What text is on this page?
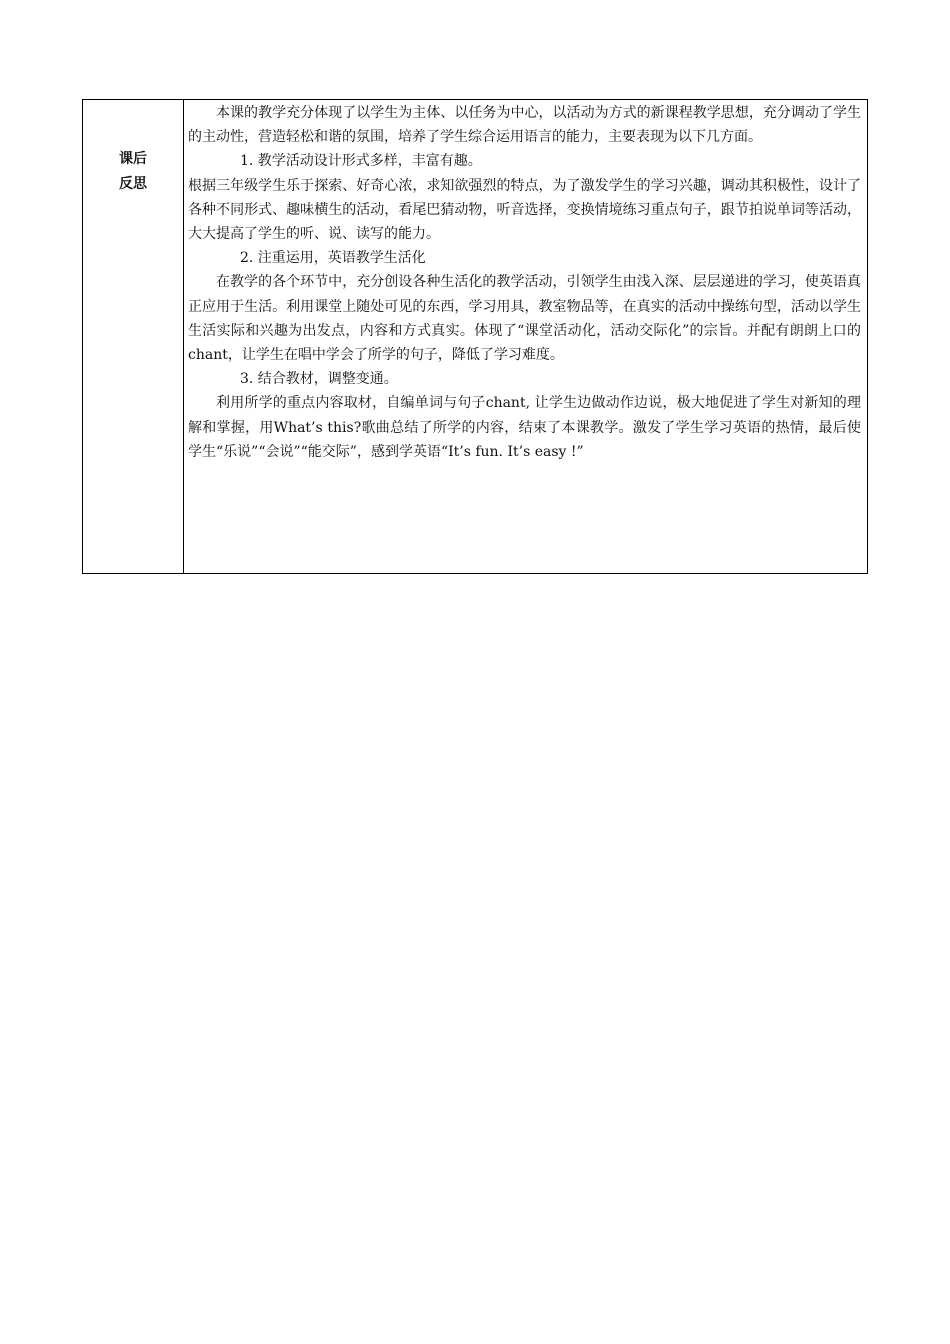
课后
反思

本课的教学充分体现了以学生为主体、以任务为中心，以活动为方式的新课程教学思想，充分调动了学生的主动性，营造轻松和谐的氛围，培养了学生综合运用语言的能力，主要表现为以下几方面。

1. 教学活动设计形式多样，丰富有趣。

根据三年级学生乐于探索、好奇心浓，求知欲强烈的特点，为了激发学生的学习兴趣，调动其积极性，设计了各种不同形式、趣味横生的活动，看尾巴猜动物，听音选择，变换情境练习重点句子，跟节拍说单词等活动，大大提高了学生的听、说、读写的能力。

2. 注重运用，英语教学生活化

在教学的各个环节中，充分创设各种生活化的教学活动，引领学生由浅入深、层层递进的学习，使英语真正应用于生活。利用课堂上随处可见的东西，学习用具，教室物品等，在真实的活动中操练句型，活动以学生生活实际和兴趣为出发点，内容和方式真实。体现了“课堂活动化，活动交际化”的宗旨。并配有朗朗上口的chant，让学生在唱中学会了所学的句子，降低了学习难度。

3. 结合教材，调整变通。

利用所学的重点内容取材，自编单词与句子chant, 让学生边做动作边说，极大地促进了学生对新知的理解和掌握，用What’s this?歌曲总结了所学的内容，结束了本课教学。激发了学生学习英语的热情，最后使学生“乐说”“会说”“能交际”，感到学英语“It’s fun. It’s easy !”
